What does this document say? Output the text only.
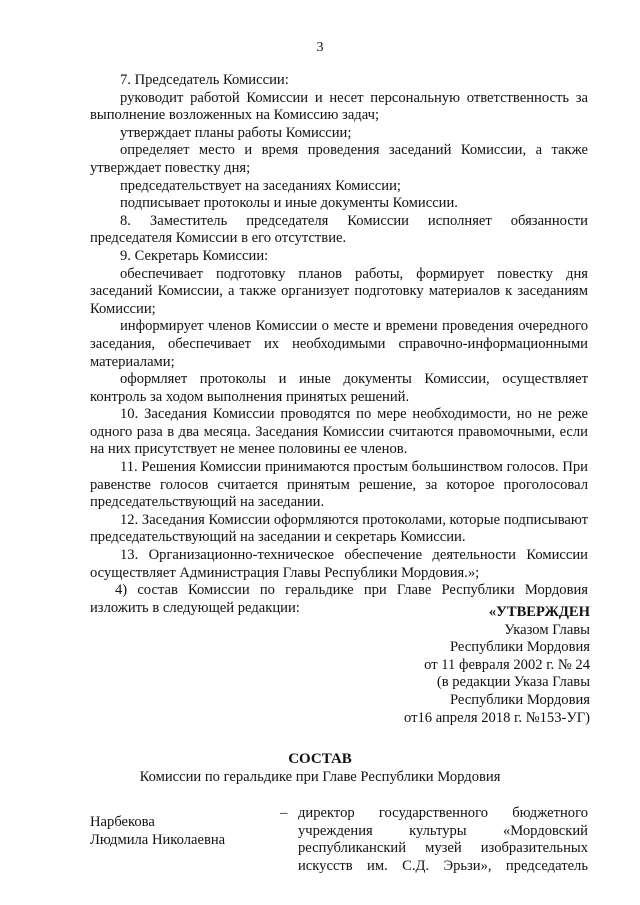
3

7. Председатель Комиссии:

руководит работой Комиссии и несет персональную ответственность за выполнение возложенных на Комиссию задач;

утверждает планы работы Комиссии;

определяет место и время проведения заседаний Комиссии, а также утверждает повестку дня;

председательствует на заседаниях Комиссии;

подписывает протоколы и иные документы Комиссии.

8. Заместитель председателя Комиссии исполняет обязанности председателя Комиссии в его отсутствие.

9. Секретарь Комиссии:

обеспечивает подготовку планов работы, формирует повестку дня заседаний Комиссии, а также организует подготовку материалов к заседаниям Комиссии;

информирует членов Комиссии о месте и времени проведения очередного заседания, обеспечивает их необходимыми справочно-информационными материалами;

оформляет протоколы и иные документы Комиссии, осуществляет контроль за ходом выполнения принятых решений.

10. Заседания Комиссии проводятся по мере необходимости, но не реже одного раза в два месяца. Заседания Комиссии считаются правомочными, если на них присутствует не менее половины ее членов.

11. Решения Комиссии принимаются простым большинством голосов. При равенстве голосов считается принятым решение, за которое проголосовал председательствующий на заседании.

12. Заседания Комиссии оформляются протоколами, которые подписывают председательствующий на заседании и секретарь Комиссии.

13. Организационно-техническое обеспечение деятельности Комиссии осуществляет Администрация Главы Республики Мордовия.»;

4) состав Комиссии по геральдике при Главе Республики Мордовия изложить в следующей редакции:	«УТВЕРЖДЕН
Указом Главы
Республики Мордовия
от 11 февраля 2002 г. № 24
(в редакции Указа Главы
Республики Мордовия
от16 апреля 2018 г. №153-УГ)
СОСТАВ
Комиссии по геральдике при Главе Республики Мордовия
Нарбекова
Людмила Николаевна
– директор государственного бюджетного учреждения культуры «Мордовский республиканский музей изобразительных искусств им. С.Д. Эрьзи», председатель
